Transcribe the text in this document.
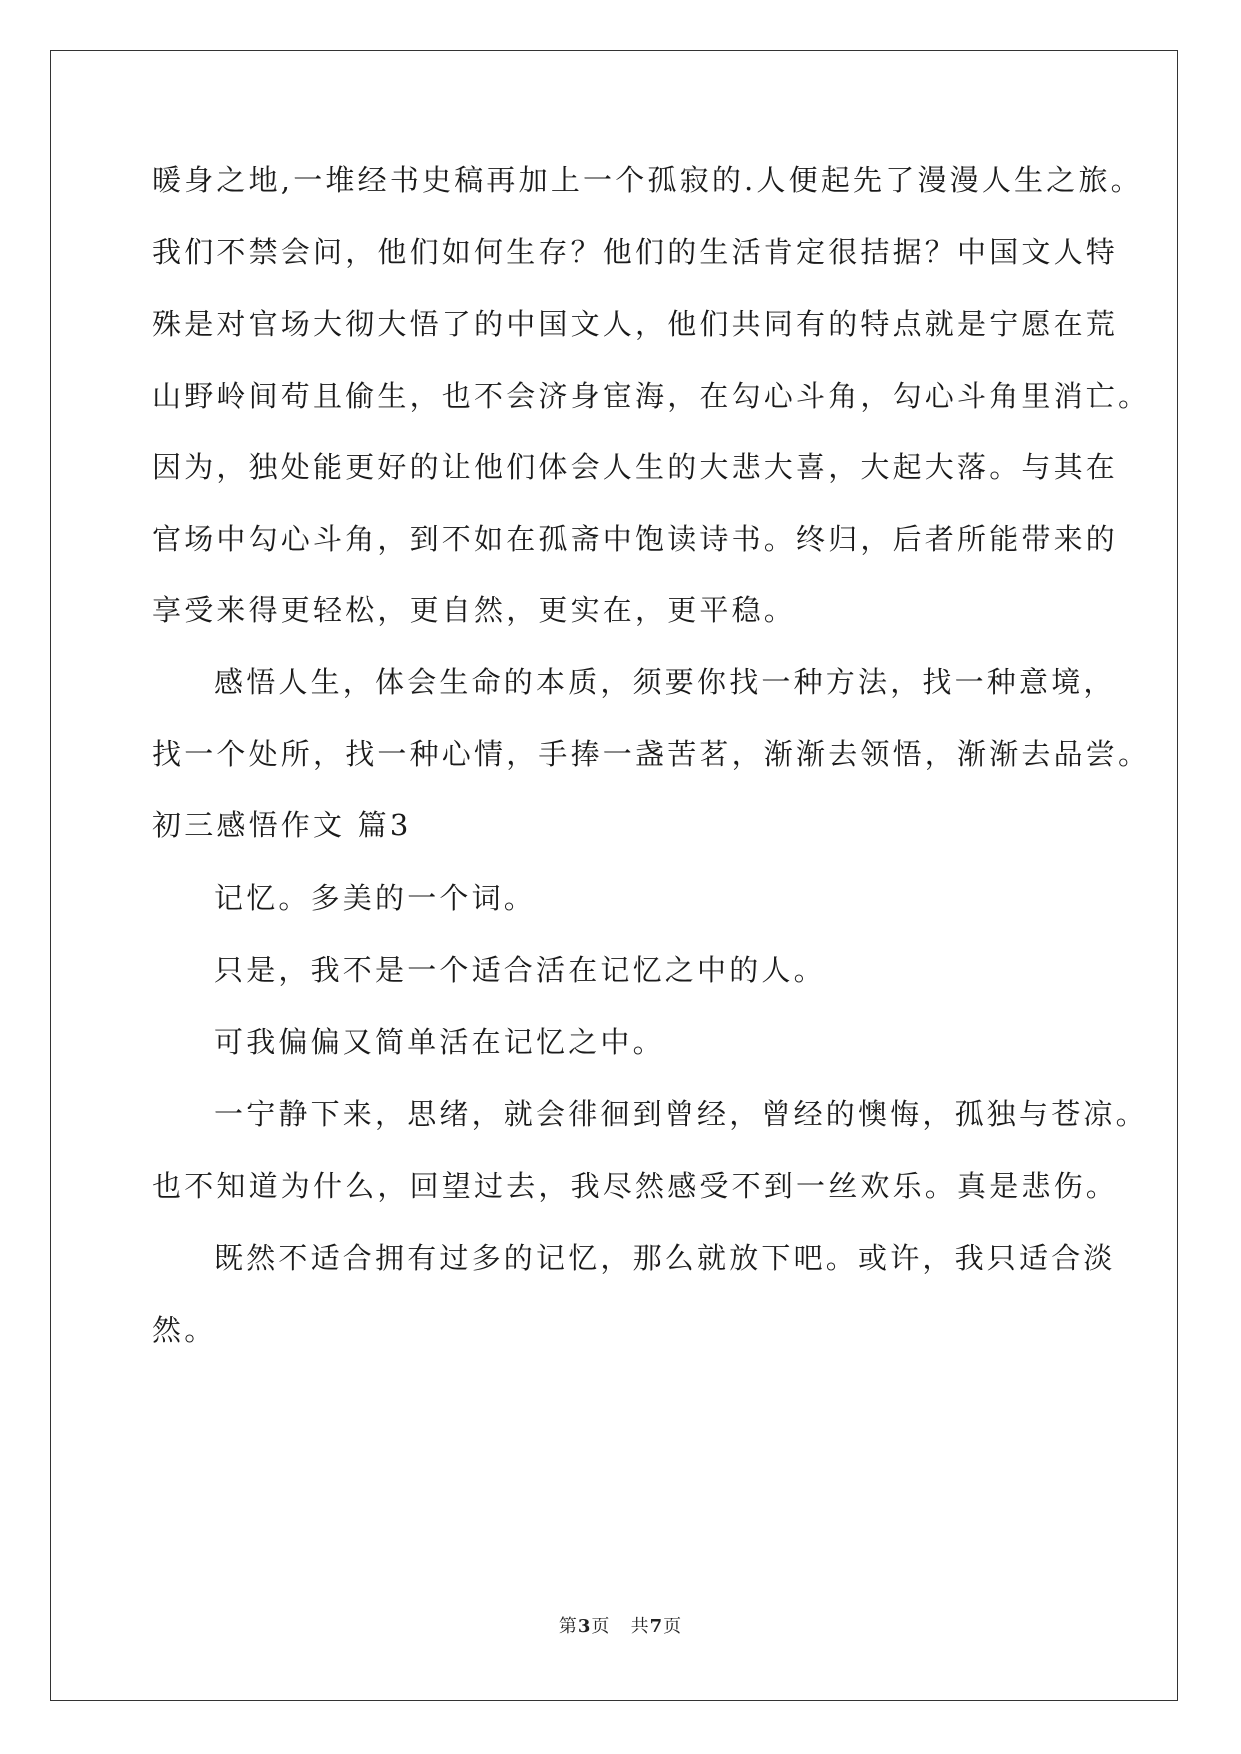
暖身之地,一堆经书史稿再加上一个孤寂的.人便起先了漫漫人生之旅。
我们不禁会问，他们如何生存？他们的生活肯定很拮据？中国文人特
殊是对官场大彻大悟了的中国文人，他们共同有的特点就是宁愿在荒
山野岭间苟且偷生，也不会济身宦海，在勾心斗角，勾心斗角里消亡。
因为，独处能更好的让他们体会人生的大悲大喜，大起大落。与其在
官场中勾心斗角，到不如在孤斋中饱读诗书。终归，后者所能带来的
享受来得更轻松，更自然，更实在，更平稳。
感悟人生，体会生命的本质，须要你找一种方法，找一种意境，
找一个处所，找一种心情，手捧一盏苦茗，渐渐去领悟，渐渐去品尝。
初三感悟作文 篇3
记忆。多美的一个词。
只是，我不是一个适合活在记忆之中的人。
可我偏偏又简单活在记忆之中。
一宁静下来，思绪，就会徘徊到曾经，曾经的懊悔，孤独与苍凉。
也不知道为什么，回望过去，我尽然感受不到一丝欢乐。真是悲伤。
既然不适合拥有过多的记忆，那么就放下吧。或许，我只适合淡
然。
第3页 共7页
